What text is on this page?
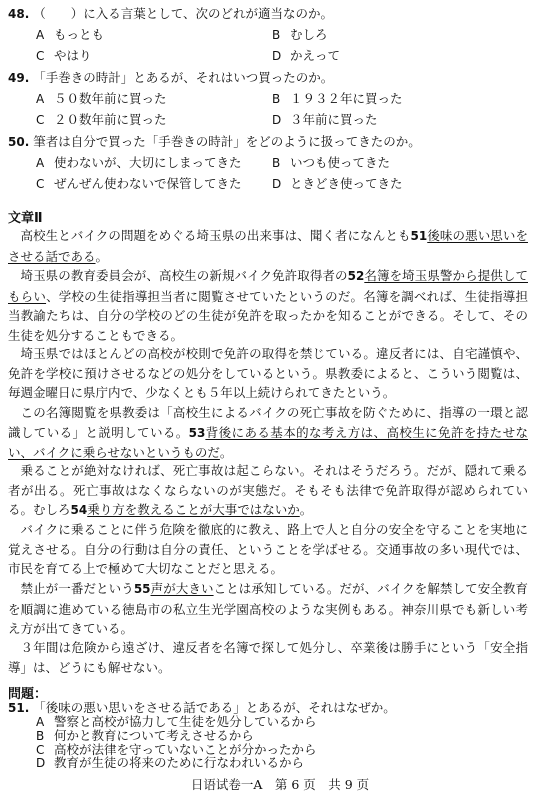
48. （　　）に入る言葉として、次のどれが適当なのか。
A もっとも	B むしろ
C やはり	D かえって
49. 「手巻きの時計」とあるが、それはいつ買ったのか。
A ５０数年前に買った	B １９３２年に買った
C ２０数年前に買った	D ３年前に買った
50. 筆者は自分で買った「手巻きの時計」をどのように扱ってきたのか。
A 使わないが、大切にしまってきた	B いつも使ってきた
C ぜんぜん使わないで保管してきた	D ときどき使ってきた
文章Ⅱ
高校生とバイクの問題をめぐる埼玉県の出来事は、聞く者になんとも51後味の悪い思いをさせる話である。
埼玉県の教育委員会が、高校生の新規バイク免許取得者の52名簿を埼玉県警から提供してもらい、学校の生徒指導担当者に閲覧させていたというのだ。名簿を調べれば、生徒指導担当教諭たちは、自分の学校のどの生徒が免許を取ったかを知ることができる。そして、その生徒を処分することもできる。
埼玉県ではほとんどの高校が校則で免許の取得を禁じている。違反者には、自宅謹慎や、免許を学校に預けさせるなどの処分をしているという。県教委によると、こういう閲覧は、毎週金曜日に県庁内で、少なくとも５年以上続けられてきたという。
この名簿閲覧を県教委は「高校生によるバイクの死亡事故を防ぐために、指導の一環と認識している」と説明している。53背後にある基本的な考え方は、高校生に免許を持たせない、バイクに乗らせないというものだ。
乗ることが絶対なければ、死亡事故は起こらない。それはそうだろう。だが、隠れて乗る者が出る。死亡事故はなくならないのが実態だ。そもそも法律で免許取得が認められている。むしろ54乗り方を教えることが大事ではないか。
バイクに乗ることに伴う危険を徹底的に教え、路上で人と自分の安全を守ることを実地に覚えさせる。自分の行動は自分の責任、ということを学ばせる。交通事故の多い現代では、市民を育てる上で極めて大切なことだと思える。
禁止が一番だという55声が大きいことは承知している。だが、バイクを解禁して安全教育を順調に進めている徳島市の私立生光学園高校のような実例もある。神奈川県でも新しい考え方が出てきている。
３年間は危険から遠ざけ、違反者を名簿で探して処分し、卒業後は勝手にという「安全指導」は、どうにも解せない。
問題：
51. 「後味の悪い思いをさせる話である」とあるが、それはなぜか。
A 警察と高校が協力して生徒を処分しているから
B 何かと教育について考えさせるから
C 高校が法律を守っていないことが分かったから
D 教育が生徒の将来のために行なわれいるから
日语试卷一A　第 6 页　共 9 页
